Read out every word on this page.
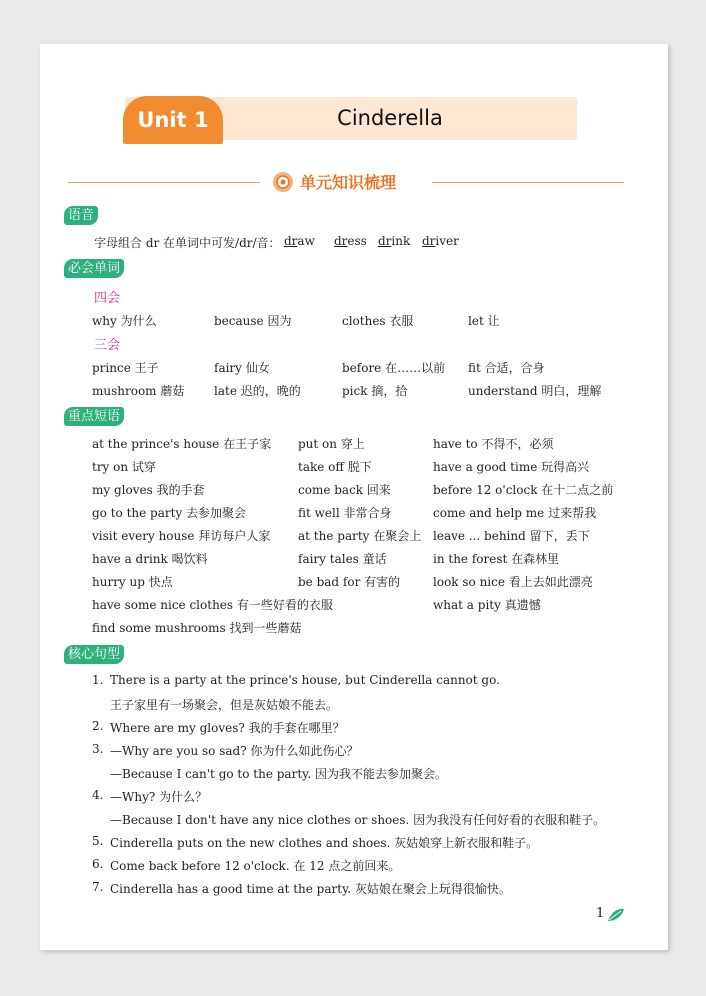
Unit 1	Cinderella
单元知识梳理
语音
字母组合 dr 在单词中可发/dr/音： draw dress drink driver
必会单词
四会
why 为什么	because 因为	clothes 衣服	let 让
三会
prince 王子	fairy 仙女	before 在……以前 fit 合适，合身
mushroom 蘑菇 late 迟的，晚的	pick 摘，拾	understand 明白，理解
重点短语
at the prince's house 在王子家 put on 穿上	have to 不得不，必须
try on 试穿	take off 脱下	have a good time 玩得高兴
my gloves 我的手套	come back 回来	before 12 o'clock 在十二点之前
go to the party 去参加聚会	fit well 非常合身	come and help me 过来帮我
visit every house 拜访每户人家 at the party 在聚会上 leave ... behind 留下，丢下
have a drink 喝饮料	fairy tales 童话	in the forest 在森林里
hurry up 快点	be bad for 有害的	look so nice 看上去如此漂亮
have some nice clothes 有一些好看的衣服	what a pity 真遗憾
find some mushrooms 找到一些蘑菇
核心句型
1. There is a party at the prince's house, but Cinderella cannot go.
王子家里有一场聚会，但是灰姑娘不能去。
2. Where are my gloves? 我的手套在哪里？
3. —Why are you so sad? 你为什么如此伤心？
—Because I can't go to the party. 因为我不能去参加聚会。
4. —Why? 为什么？
—Because I don't have any nice clothes or shoes. 因为我没有任何好看的衣服和鞋子。
5. Cinderella puts on the new clothes and shoes. 灰姑娘穿上新衣服和鞋子。
6. Come back before 12 o'clock. 在 12 点之前回来。
7. Cinderella has a good time at the party. 灰姑娘在聚会上玩得很愉快。
1
